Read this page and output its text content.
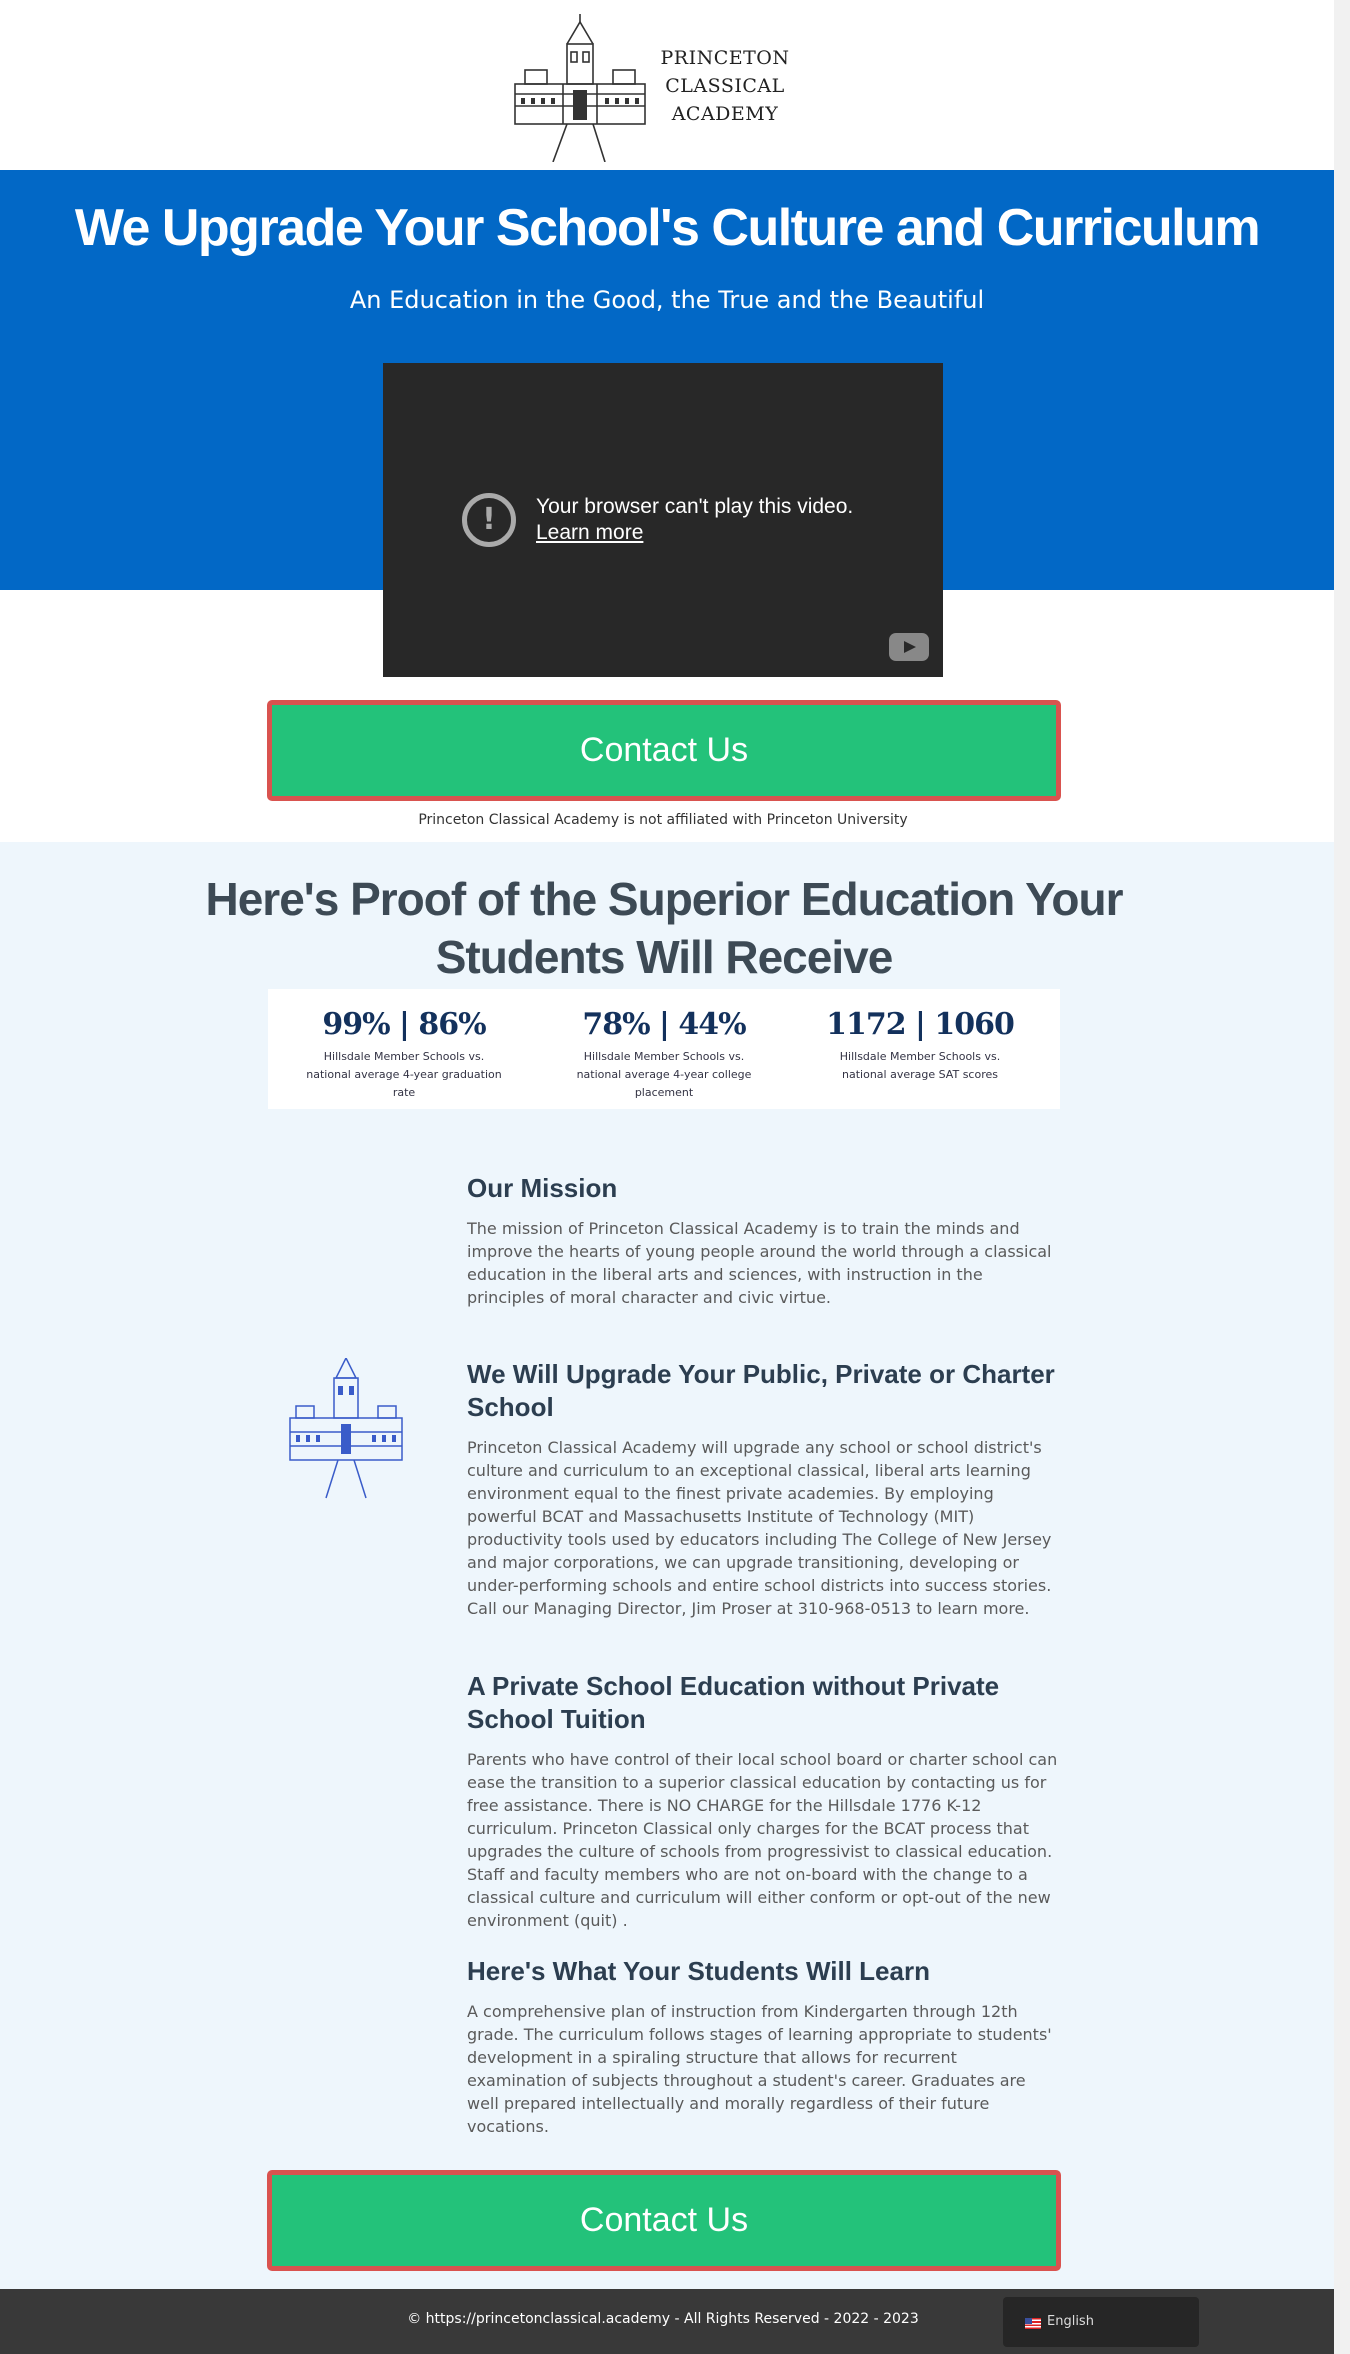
PRINCETON
CLASSICAL
ACADEMY
We Upgrade Your School's Culture and Curriculum
An Education in the Good, the True and the Beautiful
!	Your browser can't play this video.
Learn more
Contact Us
Princeton Classical Academy is not affiliated with Princeton University
Here's Proof of the Superior Education Your Students Will Receive
99% | 86%
Hillsdale Member Schools vs. national average 4-year graduation rate
78% | 44%
Hillsdale Member Schools vs. national average 4-year college placement
1172 | 1060
Hillsdale Member Schools vs. national average SAT scores
Our Mission

The mission of Princeton Classical Academy is to train the minds and improve the hearts of young people around the world through a classical education in the liberal arts and sciences, with instruction in the principles of moral character and civic virtue.

We Will Upgrade Your Public, Private or Charter School

Princeton Classical Academy will upgrade any school or school district's culture and curriculum to an exceptional classical, liberal arts learning environment equal to the finest private academies. By employing powerful BCAT and Massachusetts Institute of Technology (MIT) productivity tools used by educators including The College of New Jersey and major corporations, we can upgrade transitioning, developing or under-performing schools and entire school districts into success stories. Call our Managing Director, Jim Proser at 310-968-0513 to learn more.

A Private School Education without Private School Tuition

Parents who have control of their local school board or charter school can ease the transition to a superior classical education by contacting us for free assistance. There is NO CHARGE for the Hillsdale 1776 K-12 curriculum. Princeton Classical only charges for the BCAT process that upgrades the culture of schools from progressivist to classical education. Staff and faculty members who are not on-board with the change to a classical culture and curriculum will either conform or opt-out of the new environment (quit) .

Here's What Your Students Will Learn

A comprehensive plan of instruction from Kindergarten through 12th grade. The curriculum follows stages of learning appropriate to students' development in a spiraling structure that allows for recurrent examination of subjects throughout a student's career. Graduates are well prepared intellectually and morally regardless of their future vocations.

Contact Us
© https://princetonclassical.academy - All Rights Reserved - 2022 - 2023	English
